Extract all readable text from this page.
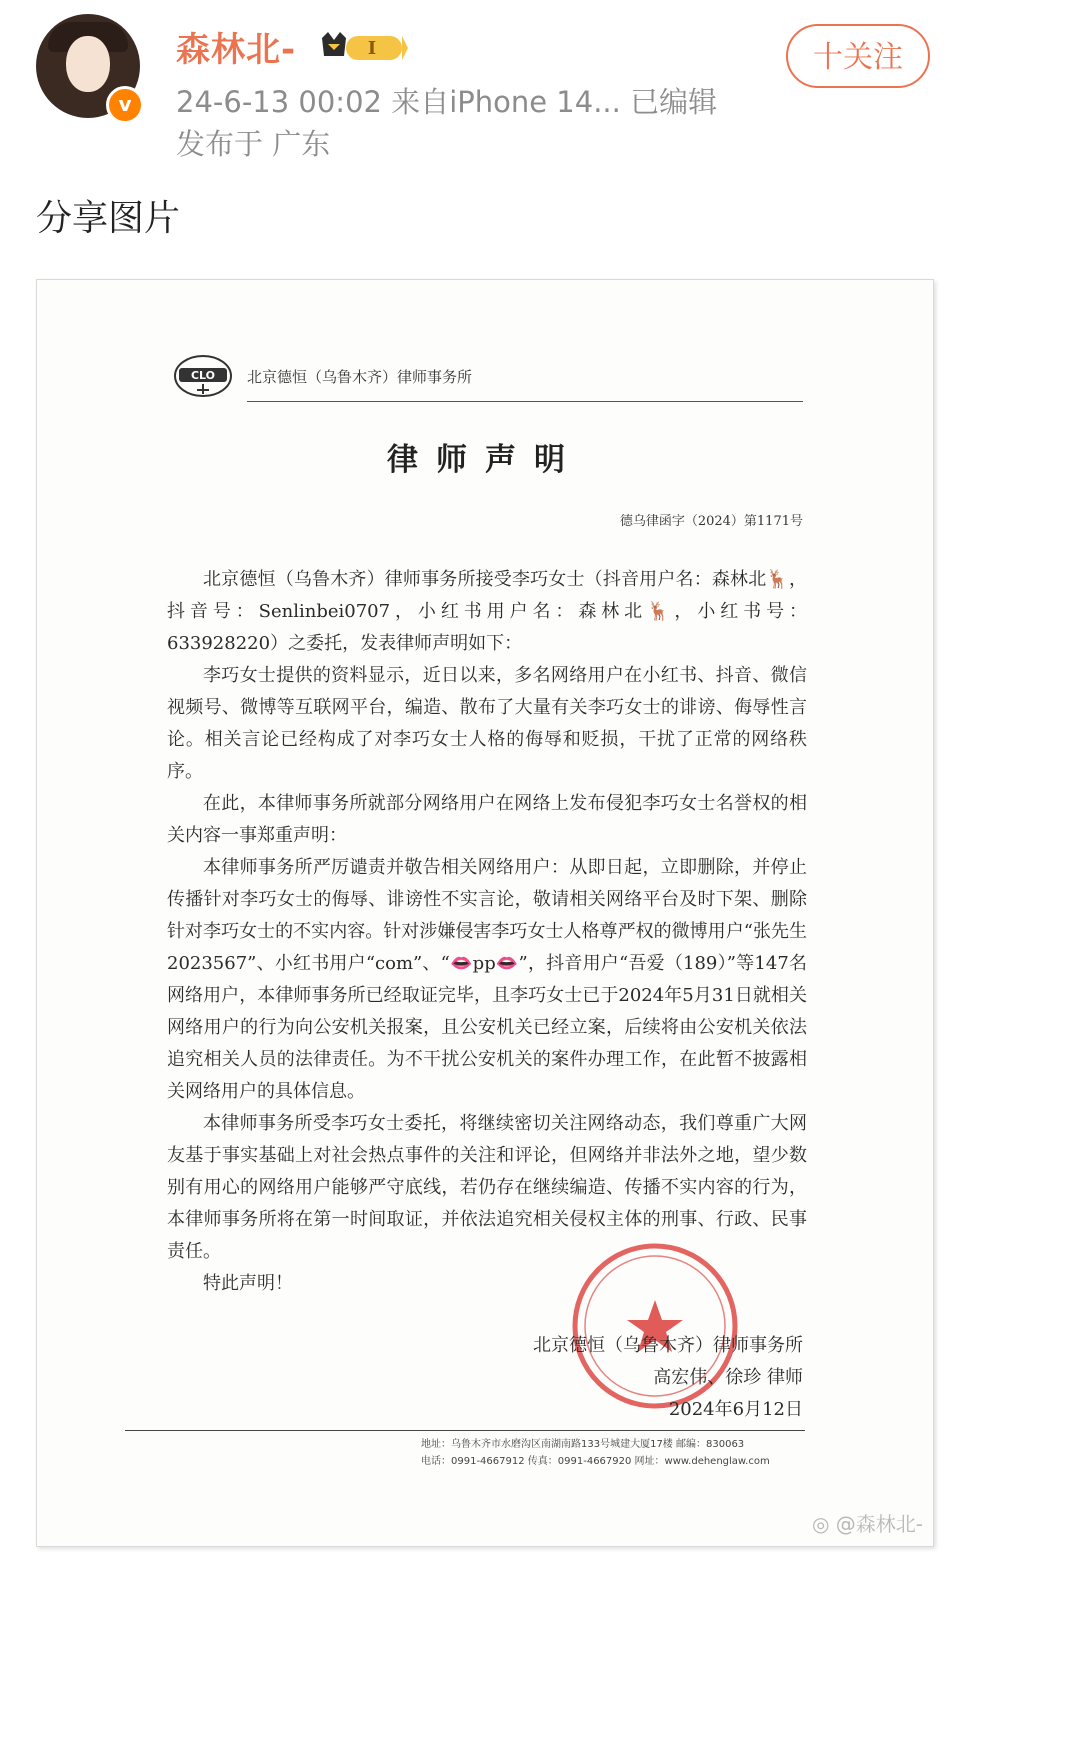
v
森林北-	I
24-6-13 00:02 来自iPhone 14... 已编辑
发布于 广东
十关注
分享图片
CLO 北京德恒（乌鲁木齐）律师事务所
律师声明
德乌律函字（2024）第1171号

北京德恒（乌鲁木齐）律师事务所接受李巧女士（抖音用户名：森林北🦌，抖音号：Senlinbei0707，小红书用户名：森林北🦌，小红书号：633928220）之委托，发表律师声明如下：

李巧女士提供的资料显示，近日以来，多名网络用户在小红书、抖音、微信视频号、微博等互联网平台，编造、散布了大量有关李巧女士的诽谤、侮辱性言论。相关言论已经构成了对李巧女士人格的侮辱和贬损，干扰了正常的网络秩序。

在此，本律师事务所就部分网络用户在网络上发布侵犯李巧女士名誉权的相关内容一事郑重声明：

本律师事务所严厉谴责并敬告相关网络用户：从即日起，立即删除，并停止传播针对李巧女士的侮辱、诽谤性不实言论，敬请相关网络平台及时下架、删除针对李巧女士的不实内容。针对涉嫌侵害李巧女士人格尊严权的微博用户“张先生2023567”、小红书用户“com”、“👄pp👄”，抖音用户“吾爱（189）”等147名网络用户，本律师事务所已经取证完毕，且李巧女士已于2024年5月31日就相关网络用户的行为向公安机关报案，且公安机关已经立案，后续将由公安机关依法追究相关人员的法律责任。为不干扰公安机关的案件办理工作，在此暂不披露相关网络用户的具体信息。

本律师事务所受李巧女士委托，将继续密切关注网络动态，我们尊重广大网友基于事实基础上对社会热点事件的关注和评论，但网络并非法外之地，望少数别有用心的网络用户能够严守底线，若仍存在继续编造、传播不实内容的行为，本律师事务所将在第一时间取证，并依法追究相关侵权主体的刑事、行政、民事责任。

特此声明！

北京德恒（乌鲁木齐）律师事务所
高宏伟、徐珍 律师
2024年6月12日
地址：乌鲁木齐市水磨沟区南湖南路133号城建大厦17楼 邮编：830063
电话：0991-4667912 传真：0991-4667920 网址：www.dehenglaw.com
◎ @森林北-
